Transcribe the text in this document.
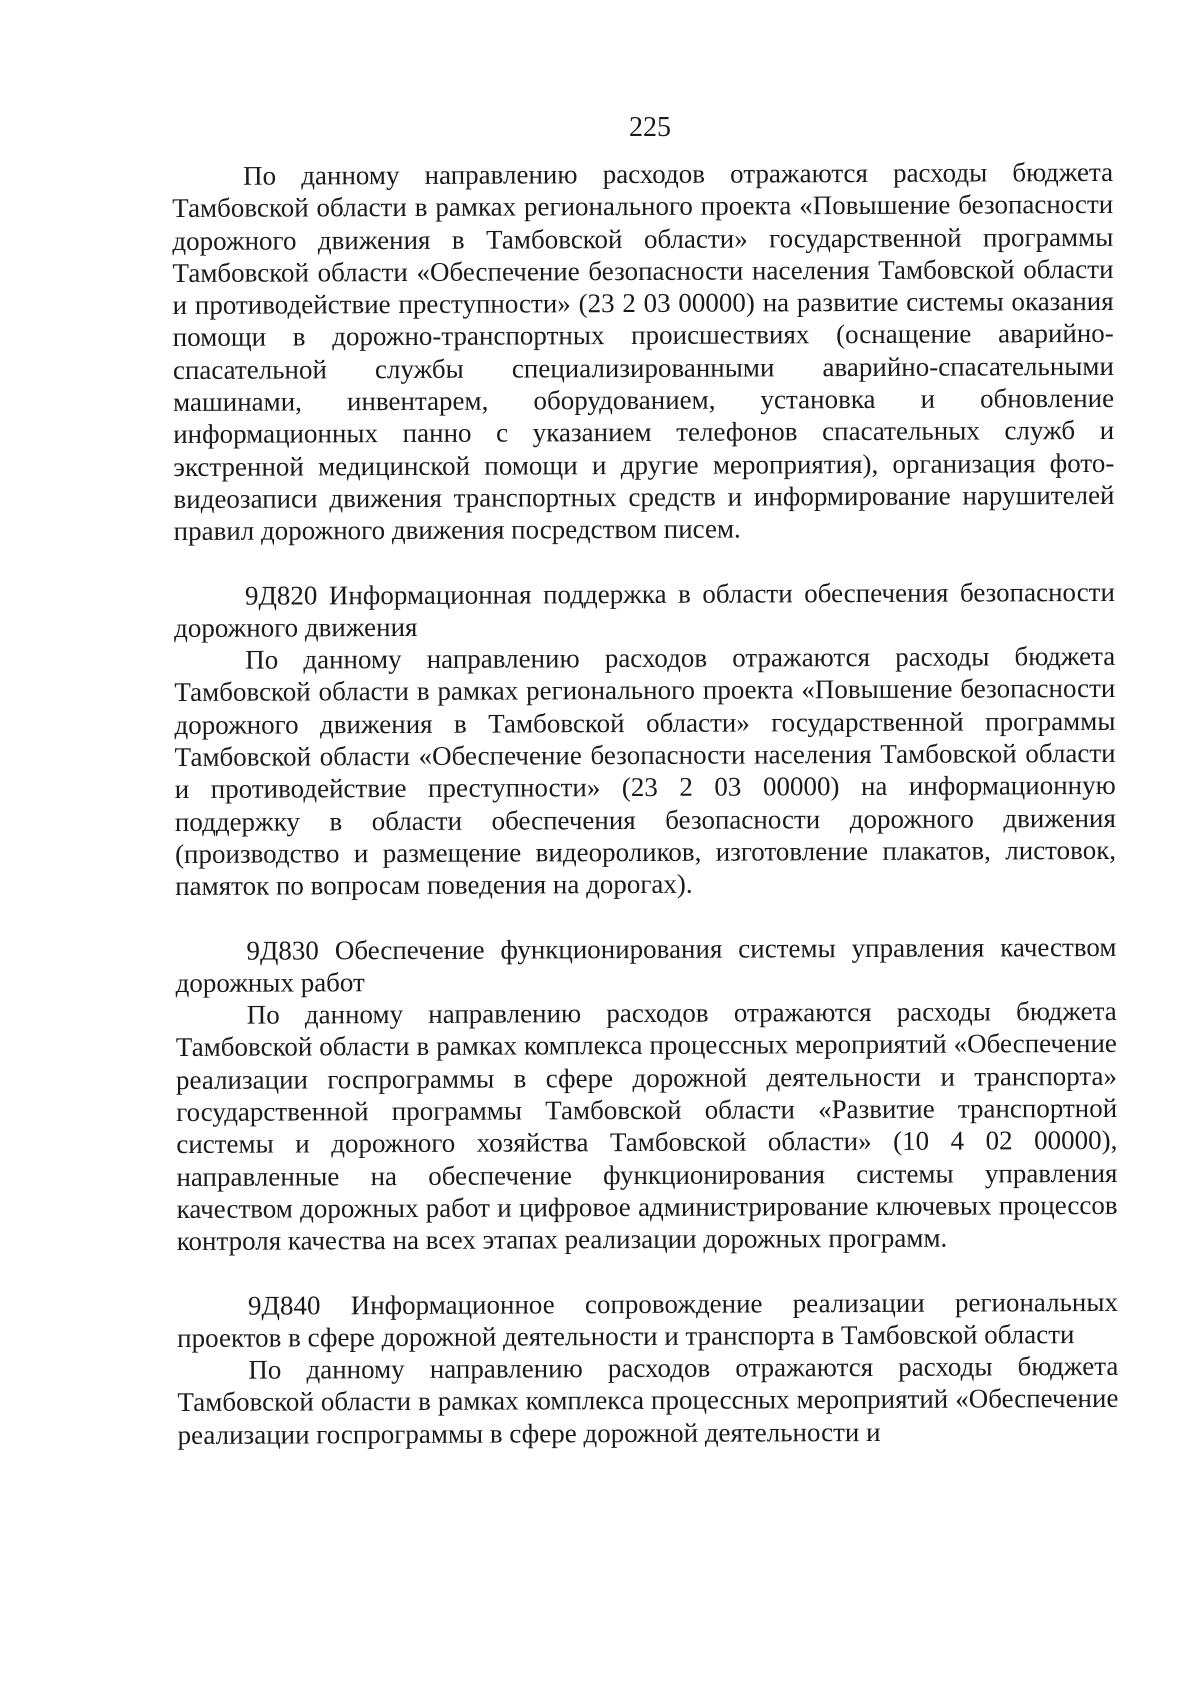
225

По данному направлению расходов отражаются расходы бюджета Тамбовской области в рамках регионального проекта «Повышение безопасности дорожного движения в Тамбовской области» государственной программы Тамбовской области «Обеспечение безопасности населения Тамбовской области и противодействие преступности» (23 2 03 00000) на развитие системы оказания помощи в дорожно-транспортных происшествиях (оснащение аварийно-спасательной службы специализированными аварийно-спасательными машинами, инвентарем, оборудованием, установка и обновление информационных панно с указанием телефонов спасательных служб и экстренной медицинской помощи и другие мероприятия), организация фото-видеозаписи движения транспортных средств и информирование нарушителей правил дорожного движения посредством писем.

9Д820 Информационная поддержка в области обеспечения безопасности дорожного движения

По данному направлению расходов отражаются расходы бюджета Тамбовской области в рамках регионального проекта «Повышение безопасности дорожного движения в Тамбовской области» государственной программы Тамбовской области «Обеспечение безопасности населения Тамбовской области и противодействие преступности» (23 2 03 00000) на информационную поддержку в области обеспечения безопасности дорожного движения (производство и размещение видеороликов, изготовление плакатов, листовок, памяток по вопросам поведения на дорогах).

9Д830 Обеспечение функционирования системы управления качеством дорожных работ

По данному направлению расходов отражаются расходы бюджета Тамбовской области в рамках комплекса процессных мероприятий «Обеспечение реализации госпрограммы в сфере дорожной деятельности и транспорта» государственной программы Тамбовской области «Развитие транспортной системы и дорожного хозяйства Тамбовской области» (10 4 02 00000), направленные на обеспечение функционирования системы управления качеством дорожных работ и цифровое администрирование ключевых процессов контроля качества на всех этапах реализации дорожных программ.

9Д840 Информационное сопровождение реализации региональных проектов в сфере дорожной деятельности и транспорта в Тамбовской области

По данному направлению расходов отражаются расходы бюджета Тамбовской области в рамках комплекса процессных мероприятий «Обеспечение реализации госпрограммы в сфере дорожной деятельности и
